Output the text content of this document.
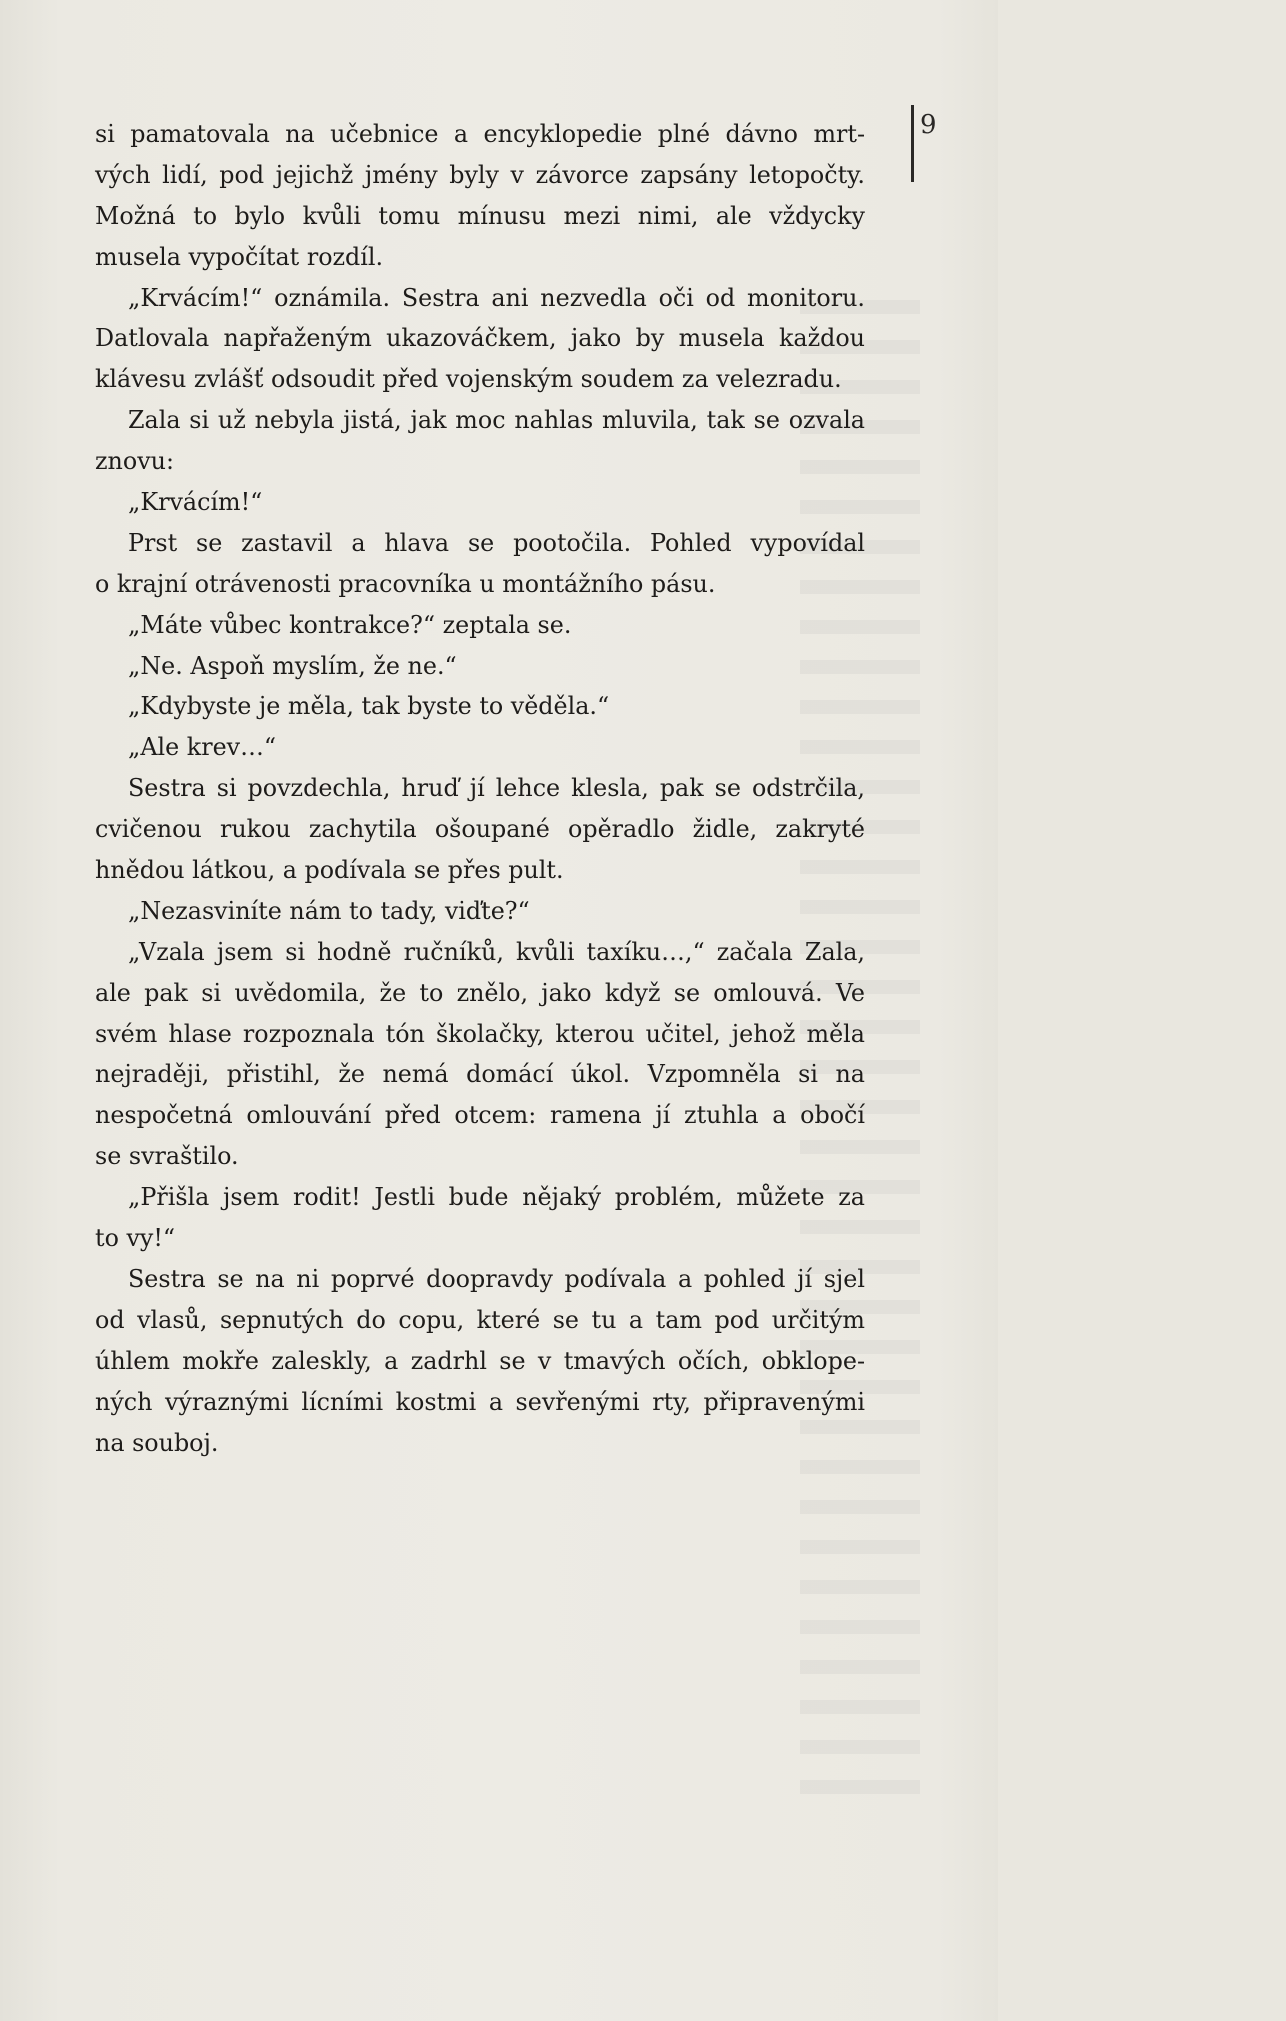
9
si pamatovala na učebnice a encyklopedie plné dávno mrt-
vých lidí, pod jejichž jmény byly v závorce zapsány letopočty.
Možná to bylo kvůli tomu mínusu mezi nimi, ale vždycky
musela vypočítat rozdíl.
„Krvácím!“ oznámila. Sestra ani nezvedla oči od monitoru.
Datlovala napřaženým ukazováčkem, jako by musela každou
klávesu zvlášť odsoudit před vojenským soudem za velezradu.
Zala si už nebyla jistá, jak moc nahlas mluvila, tak se ozvala
znovu:
„Krvácím!“
Prst se zastavil a hlava se pootočila. Pohled vypovídal
o krajní otrávenosti pracovníka u montážního pásu.
„Máte vůbec kontrakce?“ zeptala se.
„Ne. Aspoň myslím, že ne.“
„Kdybyste je měla, tak byste to věděla.“
„Ale krev…“
Sestra si povzdechla, hruď jí lehce klesla, pak se odstrčila,
cvičenou rukou zachytila ošoupané opěradlo židle, zakryté
hnědou látkou, a podívala se přes pult.
„Nezasviníte nám to tady, viďte?“
„Vzala jsem si hodně ručníků, kvůli taxíku…,“ začala Zala,
ale pak si uvědomila, že to znělo, jako když se omlouvá. Ve
svém hlase rozpoznala tón školačky, kterou učitel, jehož měla
nejraději, přistihl, že nemá domácí úkol. Vzpomněla si na
nespočetná omlouvání před otcem: ramena jí ztuhla a obočí
se svraštilo.
„Přišla jsem rodit! Jestli bude nějaký problém, můžete za
to vy!“
Sestra se na ni poprvé doopravdy podívala a pohled jí sjel
od vlasů, sepnutých do copu, které se tu a tam pod určitým
úhlem mokře zaleskly, a zadrhl se v tmavých očích, obklope-
ných výraznými lícními kostmi a sevřenými rty, připravenými
na souboj.
